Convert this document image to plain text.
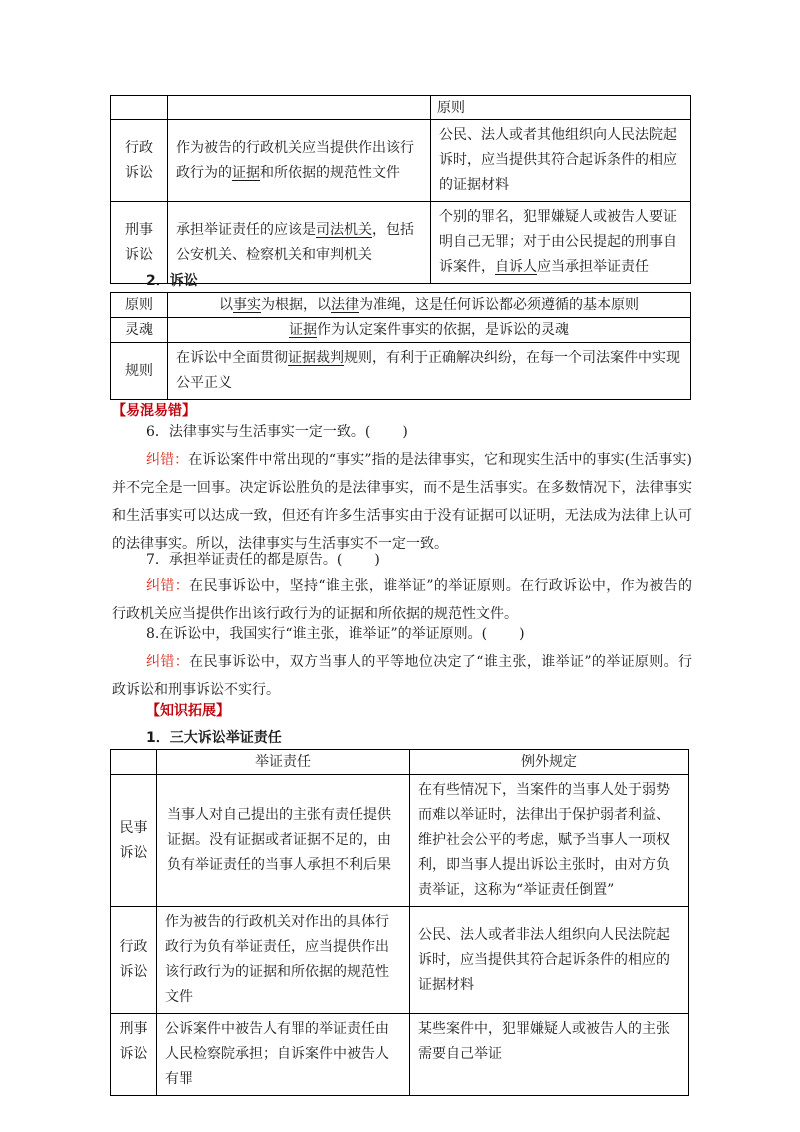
		原则
行政
诉讼	作为被告的行政机关应当提供作出该行政行为的证据和所依据的规范性文件	公民、法人或者其他组织向人民法院起诉时，应当提供其符合起诉条件的相应的证据材料
刑事
诉讼	承担举证责任的应该是司法机关，包括公安机关、检察机关和审判机关	个别的罪名，犯罪嫌疑人或被告人要证明自己无罪；对于由公民提起的刑事自诉案件，自诉人应当承担举证责任
2．诉讼
原则	以事实为根据，以法律为准绳，这是任何诉讼都必须遵循的基本原则
灵魂	证据作为认定案件事实的依据，是诉讼的灵魂
规则	在诉讼中全面贯彻证据裁判规则，有利于正确解决纠纷，在每一个司法案件中实现公平正义
【易混易错】
6．法律事实与生活事实一定一致。( )
纠错：在诉讼案件中常出现的“事实”指的是法律事实，它和现实生活中的事实(生活事实)并不完全是一回事。决定诉讼胜负的是法律事实，而不是生活事实。在多数情况下，法律事实和生活事实可以达成一致，但还有许多生活事实由于没有证据可以证明，无法成为法律上认可的法律事实。所以，法律事实与生活事实不一定一致。
7．承担举证责任的都是原告。( )
纠错：在民事诉讼中，坚持“谁主张，谁举证”的举证原则。在行政诉讼中，作为被告的行政机关应当提供作出该行政行为的证据和所依据的规范性文件。
8.在诉讼中，我国实行“谁主张，谁举证”的举证原则。( )
纠错：在民事诉讼中，双方当事人的平等地位决定了“谁主张，谁举证”的举证原则。行政诉讼和刑事诉讼不实行。
【知识拓展】
1．三大诉讼举证责任
	举证责任	例外规定
民事
诉讼	当事人对自己提出的主张有责任提供证据。没有证据或者证据不足的，由负有举证责任的当事人承担不利后果	在有些情况下，当案件的当事人处于弱势而难以举证时，法律出于保护弱者利益、维护社会公平的考虑，赋予当事人一项权利，即当事人提出诉讼主张时，由对方负责举证，这称为“举证责任倒置”
行政
诉讼	作为被告的行政机关对作出的具体行政行为负有举证责任，应当提供作出该行政行为的证据和所依据的规范性文件	公民、法人或者非法人组织向人民法院起诉时，应当提供其符合起诉条件的相应的证据材料
刑事
诉讼	公诉案件中被告人有罪的举证责任由人民检察院承担；自诉案件中被告人有罪	某些案件中，犯罪嫌疑人或被告人的主张需要自己举证
